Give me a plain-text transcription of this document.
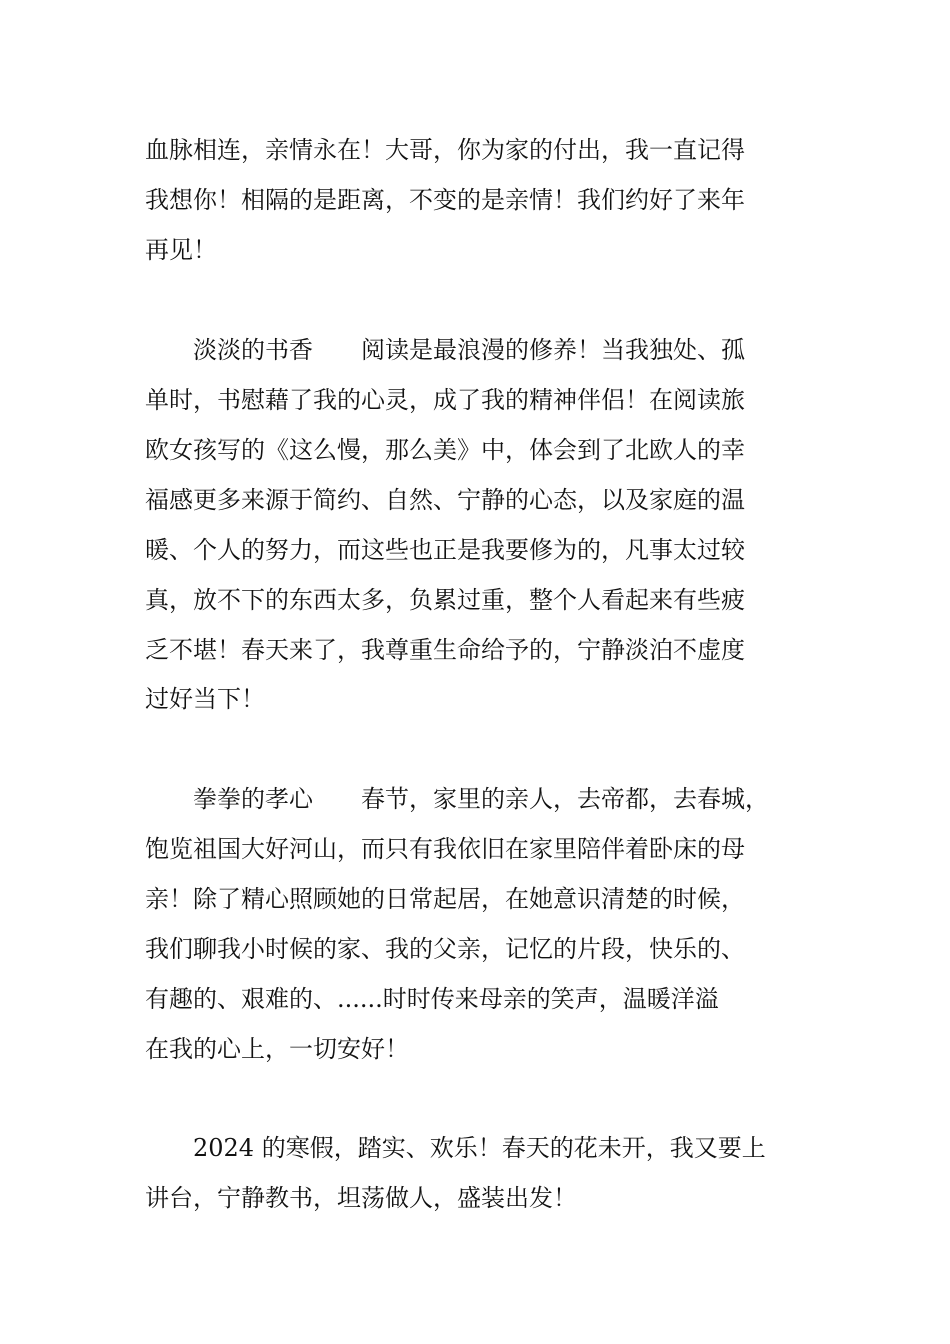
血脉相连，亲情永在！大哥，你为家的付出，我一直记得

我想你！相隔的是距离，不变的是亲情！我们约好了来年

再见！

　　淡淡的书香　　阅读是最浪漫的修养！当我独处、孤

单时，书慰藉了我的心灵，成了我的精神伴侣！在阅读旅

欧女孩写的《这么慢，那么美》中，体会到了北欧人的幸

福感更多来源于简约、自然、宁静的心态，以及家庭的温

暖、个人的努力，而这些也正是我要修为的，凡事太过较

真，放不下的东西太多，负累过重，整个人看起来有些疲

乏不堪！春天来了，我尊重生命给予的，宁静淡泊不虚度

过好当下！

　　拳拳的孝心　　春节，家里的亲人，去帝都，去春城，

饱览祖国大好河山，而只有我依旧在家里陪伴着卧床的母

亲！除了精心照顾她的日常起居，在她意识清楚的时候，

我们聊我小时候的家、我的父亲，记忆的片段，快乐的、

有趣的、艰难的、......时时传来母亲的笑声，温暖洋溢

在我的心上，一切安好！

　　2024 的寒假，踏实、欢乐！春天的花未开，我又要上

讲台，宁静教书，坦荡做人，盛装出发！
